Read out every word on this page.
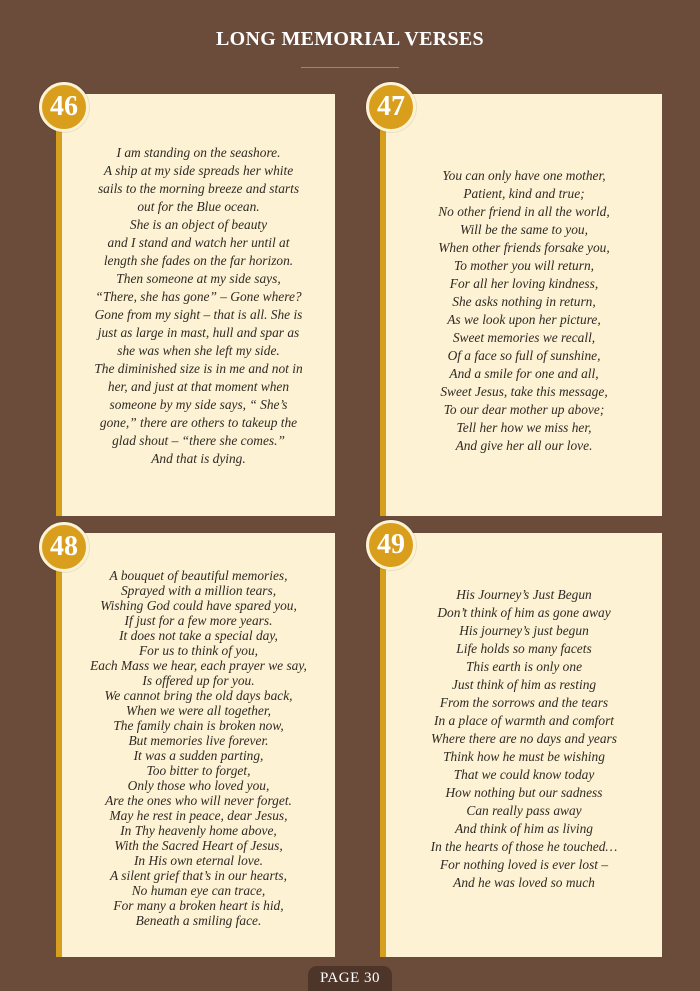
LONG MEMORIAL VERSES
46
I am standing on the seashore.
A ship at my side spreads her white
sails to the morning breeze and starts
out for the Blue ocean.
She is an object of beauty
and I stand and watch her until at
length she fades on the far horizon.
Then someone at my side says,
“There, she has gone” – Gone where?
Gone from my sight – that is all. She is
just as large in mast, hull and spar as
she was when she left my side.
The diminished size is in me and not in
her, and just at that moment when
someone by my side says, “ She’s
gone,” there are others to takeup the
glad shout – “there she comes.”
And that is dying.
47
You can only have one mother,
Patient, kind and true;
No other friend in all the world,
Will be the same to you,
When other friends forsake you,
To mother you will return,
For all her loving kindness,
She asks nothing in return,
As we look upon her picture,
Sweet memories we recall,
Of a face so full of sunshine,
And a smile for one and all,
Sweet Jesus, take this message,
To our dear mother up above;
Tell her how we miss her,
And give her all our love.
48
A bouquet of beautiful memories,
Sprayed with a million tears,
Wishing God could have spared you,
If just for a few more years.
It does not take a special day,
For us to think of you,
Each Mass we hear, each prayer we say,
Is offered up for you.
We cannot bring the old days back,
When we were all together,
The family chain is broken now,
But memories live forever.
It was a sudden parting,
Too bitter to forget,
Only those who loved you,
Are the ones who will never forget.
May he rest in peace, dear Jesus,
In Thy heavenly home above,
With the Sacred Heart of Jesus,
In His own eternal love.
A silent grief that’s in our hearts,
No human eye can trace,
For many a broken heart is hid,
Beneath a smiling face.
49
His Journey’s Just Begun
Don’t think of him as gone away
His journey’s just begun
Life holds so many facets
This earth is only one
Just think of him as resting
From the sorrows and the tears
In a place of warmth and comfort
Where there are no days and years
Think how he must be wishing
That we could know today
How nothing but our sadness
Can really pass away
And think of him as living
In the hearts of those he touched…
For nothing loved is ever lost –
And he was loved so much
PAGE 30
